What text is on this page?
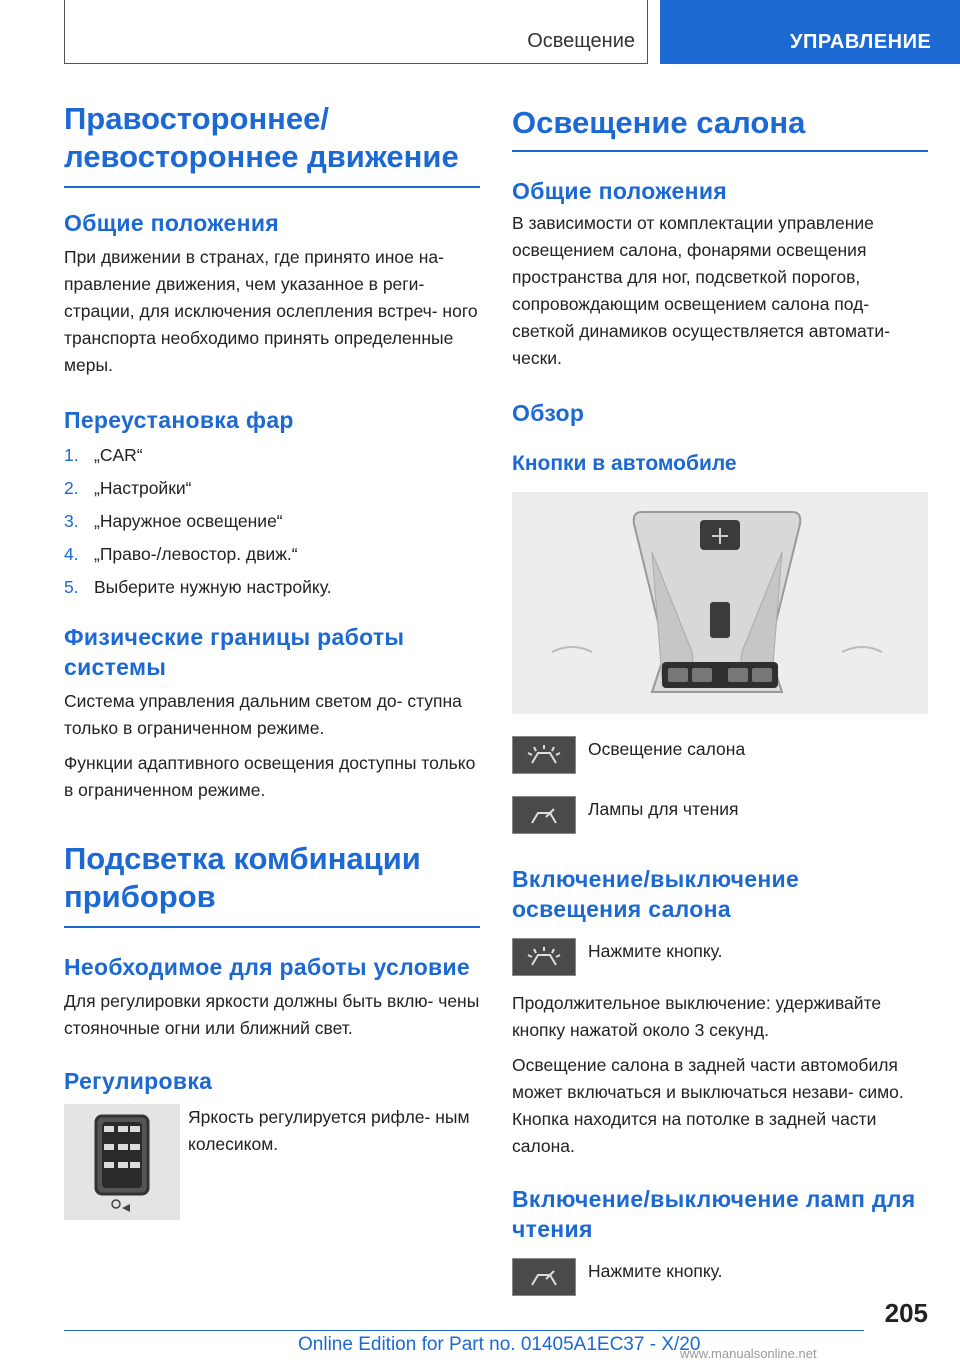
Освещение	УПРАВЛЕНИЕ
Правостороннее/
левостороннее движение
Общие положения

При движении в странах, где принято иное на- правление движения, чем указанное в реги- страции, для исключения ослепления встреч- ного транспорта необходимо принять определенные меры.

Переустановка фар
1. „CAR“
2. „Настройки“
3. „Наружное освещение“
4. „Право-/левостор. движ.“
5. Выберите нужную настройку.
Физические границы работы системы

Система управления дальним светом до- ступна только в ограниченном режиме.

Функции адаптивного освещения доступны только в ограниченном режиме.

Подсветка комбинации
приборов
Необходимое для работы условие

Для регулировки яркости должны быть вклю- чены стояночные огни или ближний свет.

Регулировка

Яркость регулируется рифле- ным колесиком.

Освещение салона
Общие положения

В зависимости от комплектации управление освещением салона, фонарями освещения пространства для ног, подсветкой порогов, сопровождающим освещением салона под- светкой динамиков осуществляется автомати- чески.

Обзор
Кнопки в автомобиле

Освещение салона

Лампы для чтения

Включение/выключение освещения салона

Нажмите кнопку.

Продолжительное выключение: удерживайте кнопку нажатой около 3 секунд.

Освещение салона в задней части автомобиля может включаться и выключаться незави- симо. Кнопка находится на потолке в задней части салона.

Включение/выключение ламп для чтения

Нажмите кнопку.

205
Online Edition for Part no. 01405A1EC37 - X/20
www.manualsonline.net
